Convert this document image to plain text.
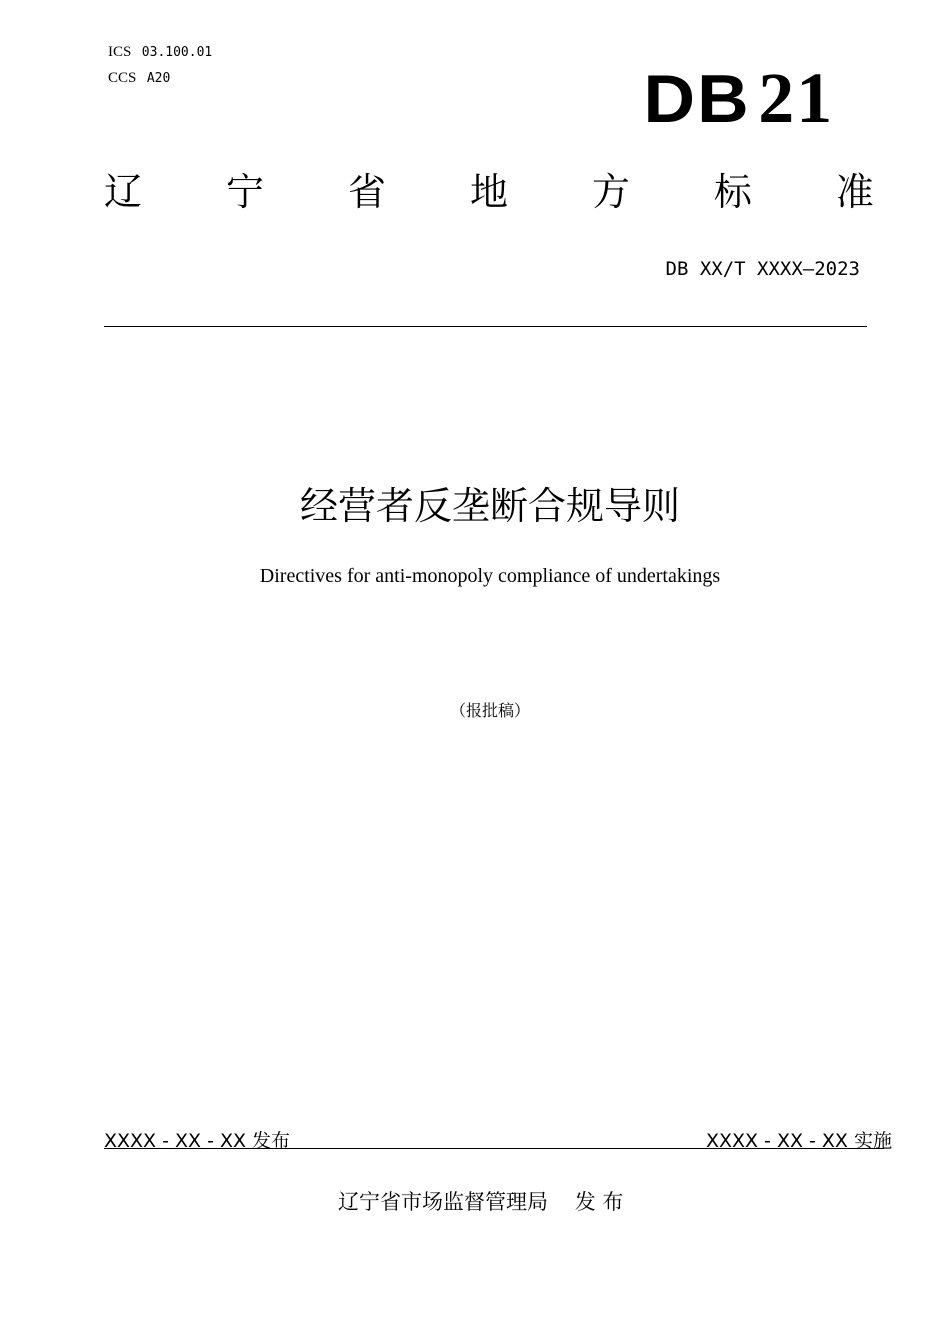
ICS 03.100.01
CCS A20	DB 21
辽 宁 省 地 方 标 准
DB XX/T XXXX—2023
经营者反垄断合规导则
Directives for anti-monopoly compliance of undertakings
（报批稿）
XXXX - XX - XX 发布	XXXX - XX - XX 实施
辽宁省市场监督管理局    发 布
